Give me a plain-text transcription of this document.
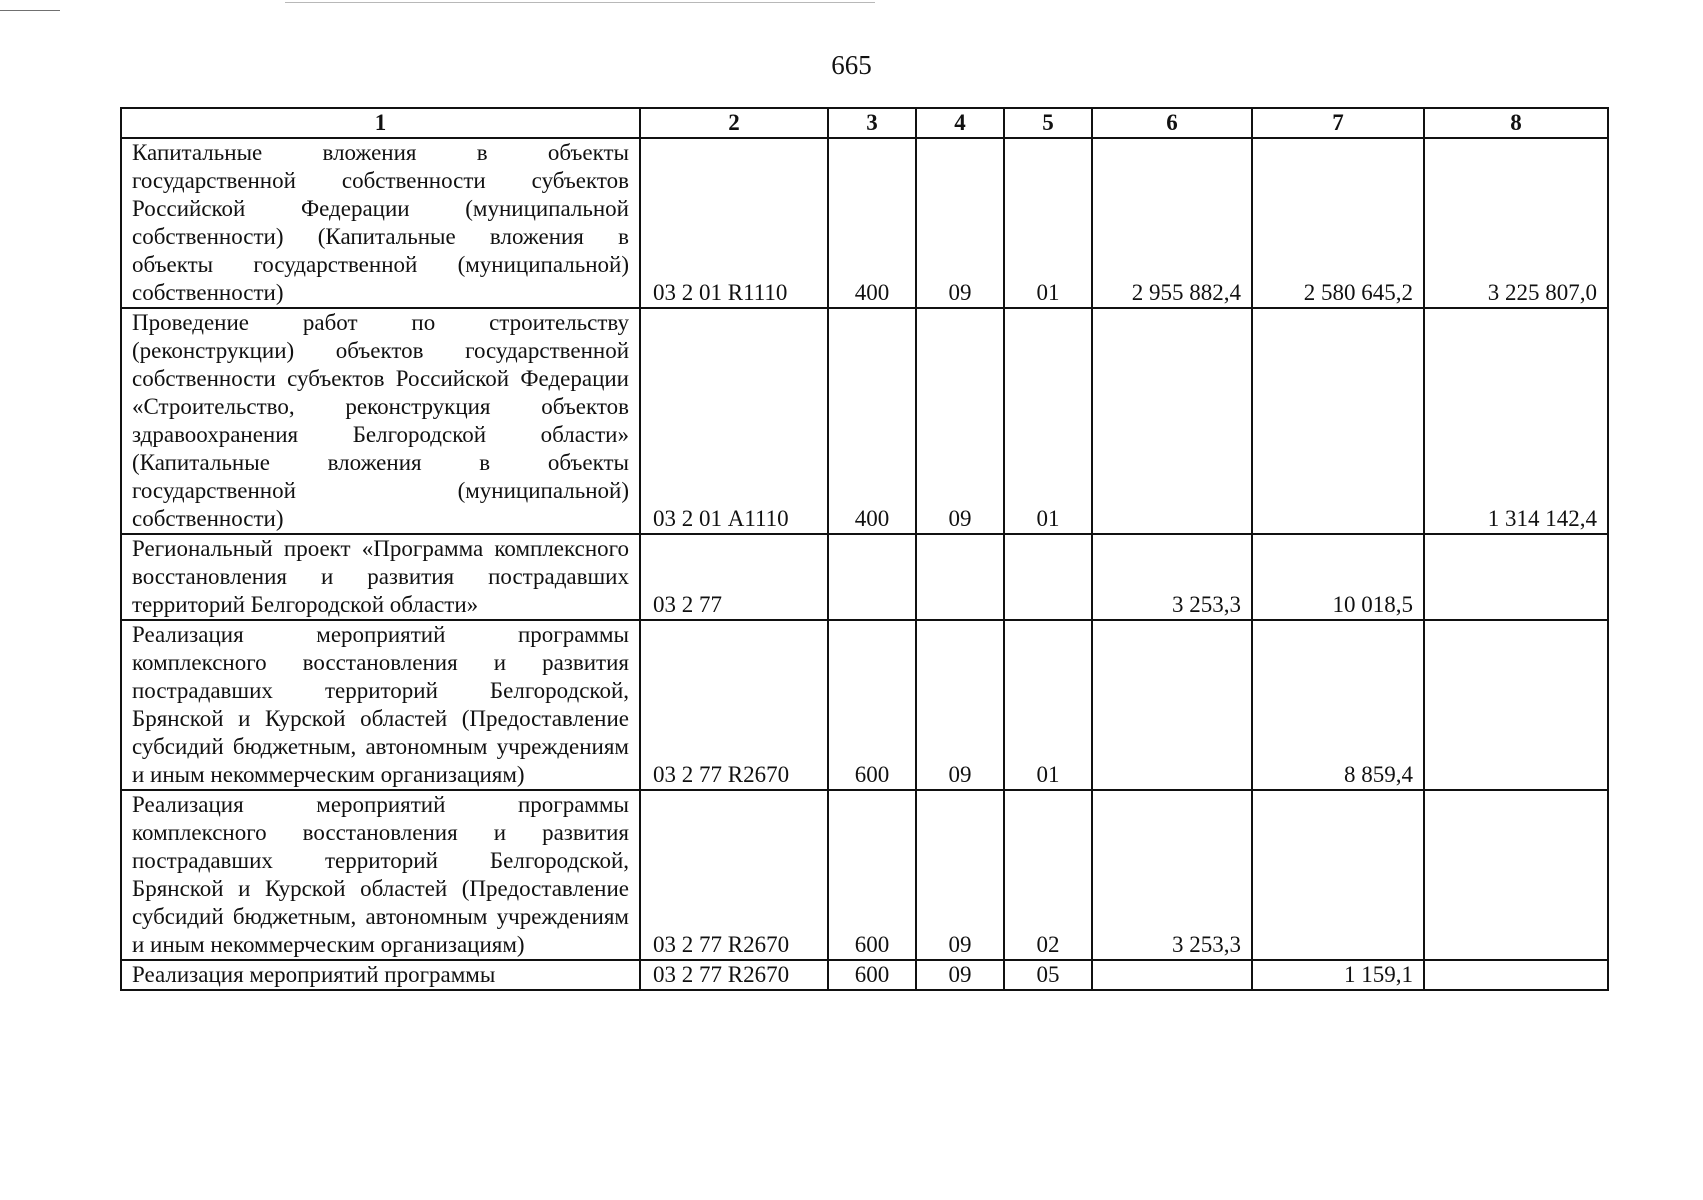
665
1	2	3	4	5	6	7	8
Капитальные вложения в объекты государственной собственности субъектов Российской Федерации (муниципальной собственности) (Капитальные вложения в объекты государственной (муниципальной) собственности)	03 2 01 R1110	400	09	01	2 955 882,4	2 580 645,2	3 225 807,0
Проведение работ по строительству (реконструкции) объектов государственной собственности субъектов Российской Федерации «Строительство, реконструкция объектов здравоохранения Белгородской области» (Капитальные вложения в объекты государственной (муниципальной) собственности)	03 2 01 А1110	400	09	01			1 314 142,4
Региональный проект «Программа комплексного восстановления и развития пострадавших территорий Белгородской области»	03 2 77				3 253,3	10 018,5	
Реализация мероприятий программы комплексного восстановления и развития пострадавших территорий Белгородской, Брянской и Курской областей (Предоставление субсидий бюджетным, автономным учреждениям и иным некоммерческим организациям)	03 2 77 R2670	600	09	01		8 859,4	
Реализация мероприятий программы комплексного восстановления и развития пострадавших территорий Белгородской, Брянской и Курской областей (Предоставление субсидий бюджетным, автономным учреждениям и иным некоммерческим организациям)	03 2 77 R2670	600	09	02	3 253,3		
Реализация мероприятий программы	03 2 77 R2670	600	09	05		1 159,1	
